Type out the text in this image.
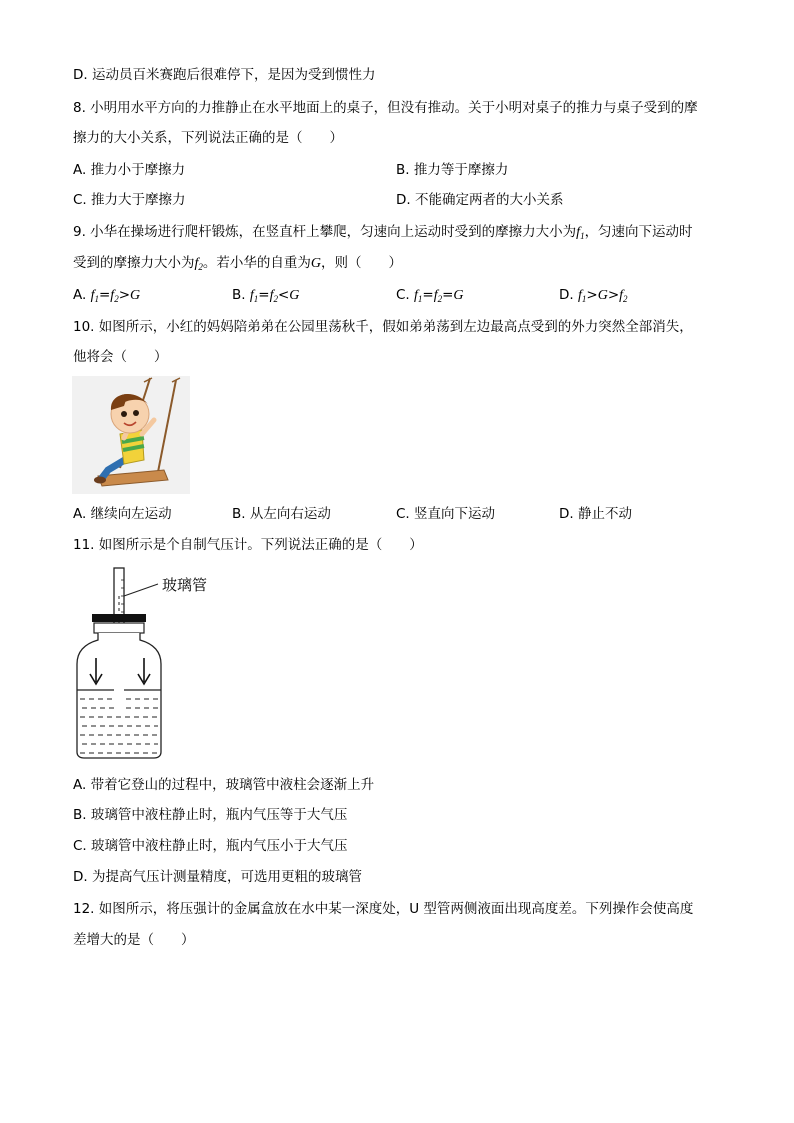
D. 运动员百米赛跑后很难停下，是因为受到惯性力
8. 小明用水平方向的力推静止在水平地面上的桌子，但没有推动。关于小明对桌子的推力与桌子受到的摩
擦力的大小关系，下列说法正确的是（　　）
A. 推力小于摩擦力	B. 推力等于摩擦力
C. 推力大于摩擦力	D. 不能确定两者的大小关系
9. 小华在操场进行爬杆锻炼，在竖直杆上攀爬，匀速向上运动时受到的摩擦力大小为$f_1$，匀速向下运动时
受到的摩擦力大小为$f_2$。若小华的自重为G，则（　　）
A. $f_1=f_2>G$	B. $f_1=f_2<G$	C. $f_1=f_2=G$	D. $f_1>G>f_2$
10. 如图所示，小红的妈妈陪弟弟在公园里荡秋千，假如弟弟荡到左边最高点受到的外力突然全部消失，
他将会（　　）
A. 继续向左运动	B. 从左向右运动	C. 竖直向下运动	D. 静止不动
11. 如图所示是个自制气压计。下列说法正确的是（　　）
玻璃管
A. 带着它登山的过程中，玻璃管中液柱会逐渐上升
B. 玻璃管中液柱静止时，瓶内气压等于大气压
C. 玻璃管中液柱静止时，瓶内气压小于大气压
D. 为提高气压计测量精度，可选用更粗的玻璃管
12. 如图所示，将压强计的金属盒放在水中某一深度处，U 型管两侧液面出现高度差。下列操作会使高度
差增大的是（　　）
